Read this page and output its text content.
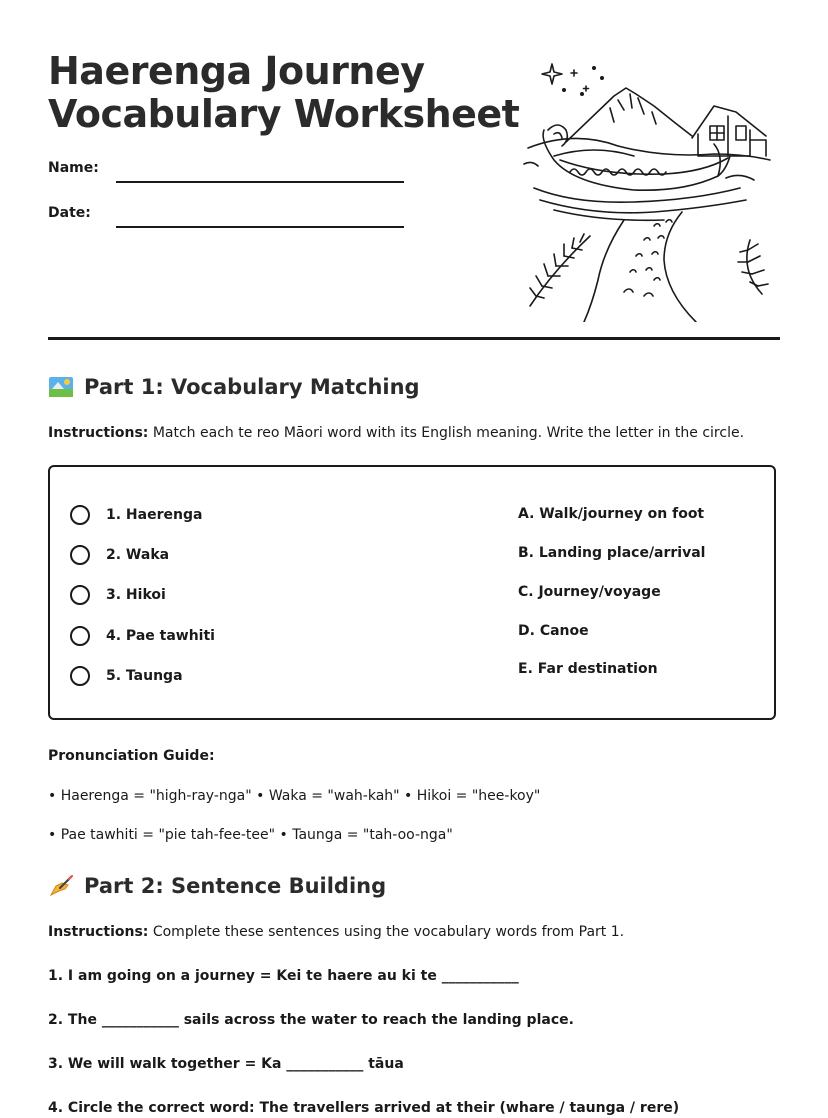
Haerenga Journey
Vocabulary Worksheet
Name:
Date:
Part 1: Vocabulary Matching
Instructions: Match each te reo Māori word with its English meaning. Write the letter in the circle.
1. Haerenga
2. Waka
3. Hikoi
4. Pae tawhiti
5. Taunga
A. Walk/journey on foot
B. Landing place/arrival
C. Journey/voyage
D. Canoe
E. Far destination
Pronunciation Guide:
• Haerenga = "high-ray-nga" • Waka = "wah-kah" • Hikoi = "hee-koy"
• Pae tawhiti = "pie tah-fee-tee" • Taunga = "tah-oo-nga"
Part 2: Sentence Building
Instructions: Complete these sentences using the vocabulary words from Part 1.
1. I am going on a journey = Kei te haere au ki te ___________
2. The ___________ sails across the water to reach the landing place.
3. We will walk together = Ka ___________ tāua
4. Circle the correct word: The travellers arrived at their (whare / taunga / rere)
